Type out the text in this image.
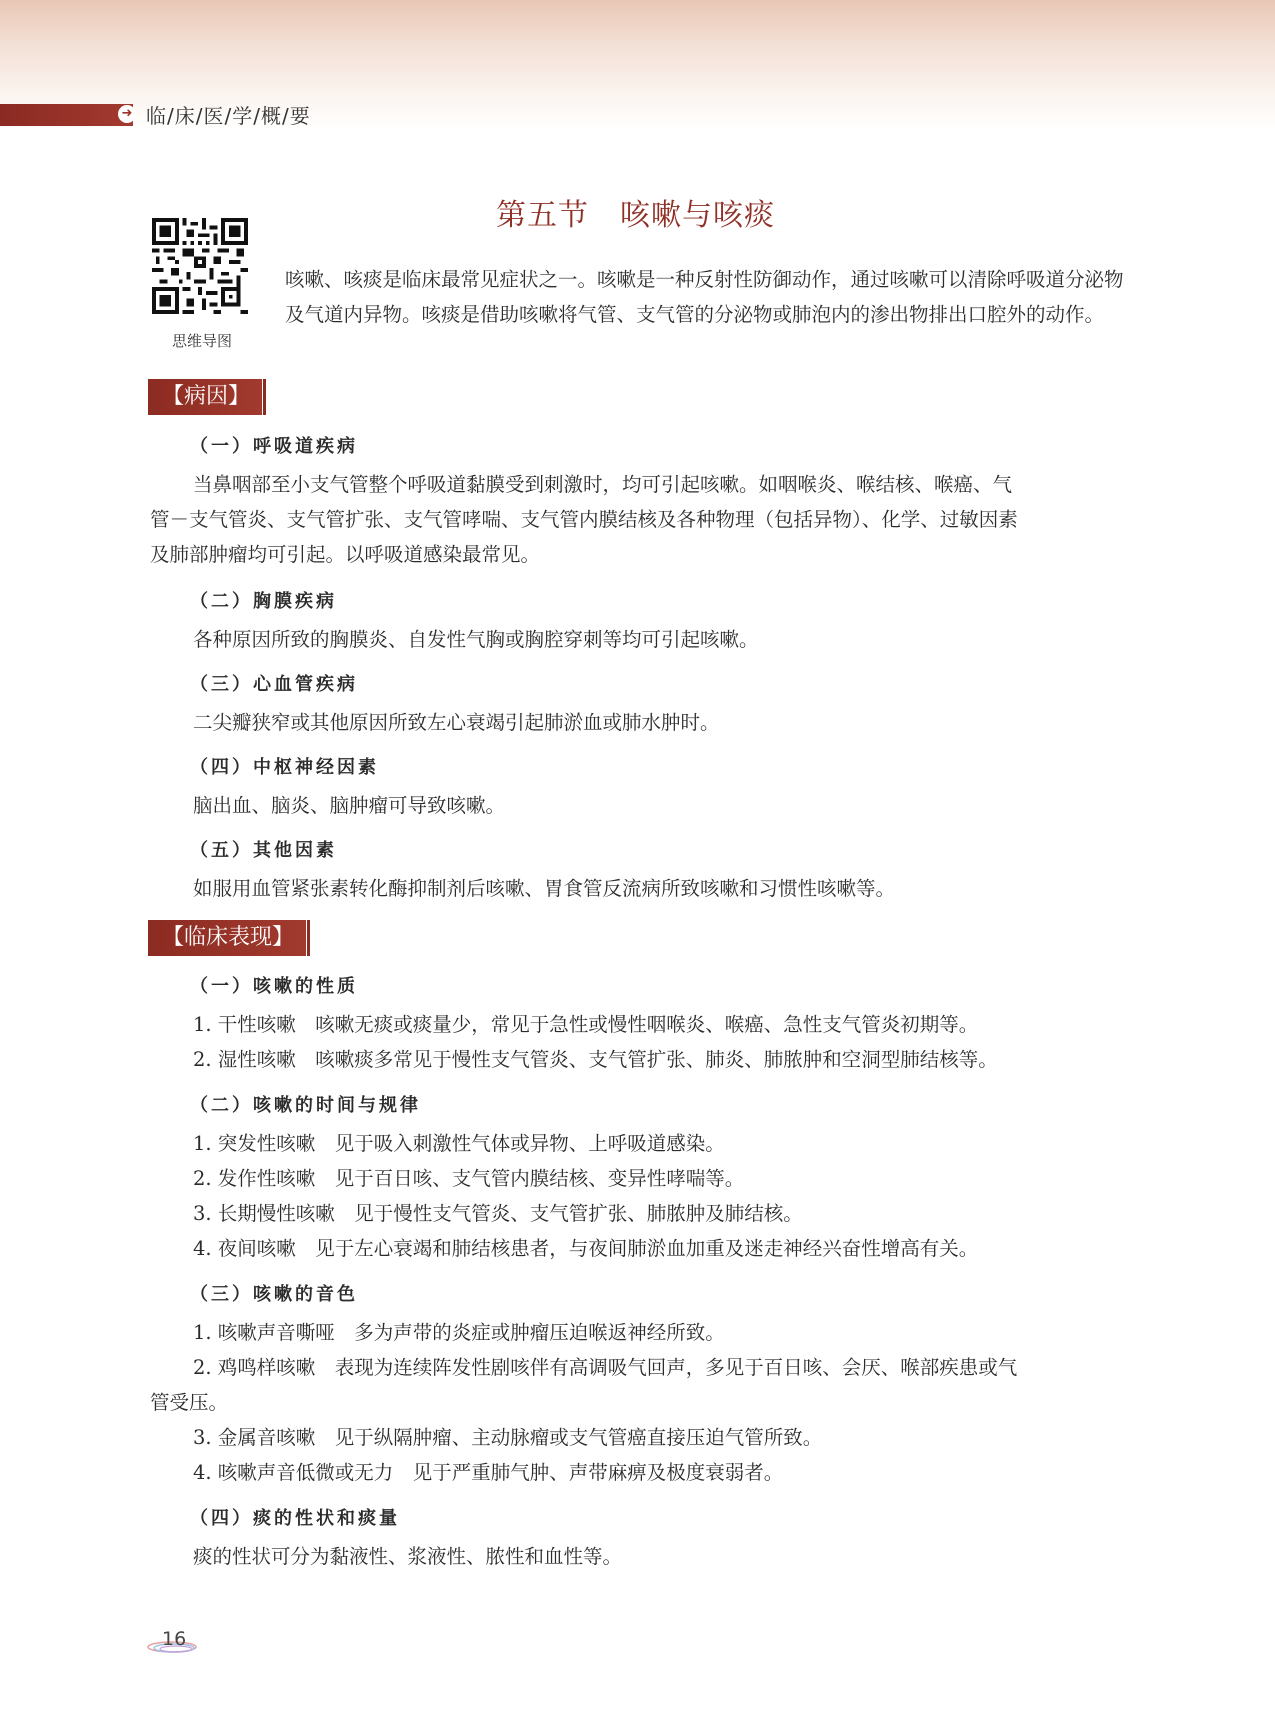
➜ 临/床/医/学/概/要
思维导图
第五节　咳嗽与咳痰
咳嗽、咳痰是临床最常见症状之一。咳嗽是一种反射性防御动作，通过咳嗽可以清除呼吸道分泌物及气道内异物。咳痰是借助咳嗽将气管、支气管的分泌物或肺泡内的渗出物排出口腔外的动作。
【病因】
（一）呼吸道疾病
当鼻咽部至小支气管整个呼吸道黏膜受到刺激时，均可引起咳嗽。如咽喉炎、喉结核、喉癌、气
管－支气管炎、支气管扩张、支气管哮喘、支气管内膜结核及各种物理（包括异物）、化学、过敏因素
及肺部肿瘤均可引起。以呼吸道感染最常见。
（二）胸膜疾病
各种原因所致的胸膜炎、自发性气胸或胸腔穿刺等均可引起咳嗽。
（三）心血管疾病
二尖瓣狭窄或其他原因所致左心衰竭引起肺淤血或肺水肿时。
（四）中枢神经因素
脑出血、脑炎、脑肿瘤可导致咳嗽。
（五）其他因素
如服用血管紧张素转化酶抑制剂后咳嗽、胃食管反流病所致咳嗽和习惯性咳嗽等。
【临床表现】
（一）咳嗽的性质
1. 干性咳嗽　咳嗽无痰或痰量少，常见于急性或慢性咽喉炎、喉癌、急性支气管炎初期等。
2. 湿性咳嗽　咳嗽痰多常见于慢性支气管炎、支气管扩张、肺炎、肺脓肿和空洞型肺结核等。
（二）咳嗽的时间与规律
1. 突发性咳嗽　见于吸入刺激性气体或异物、上呼吸道感染。
2. 发作性咳嗽　见于百日咳、支气管内膜结核、变异性哮喘等。
3. 长期慢性咳嗽　见于慢性支气管炎、支气管扩张、肺脓肿及肺结核。
4. 夜间咳嗽　见于左心衰竭和肺结核患者，与夜间肺淤血加重及迷走神经兴奋性增高有关。
（三）咳嗽的音色
1. 咳嗽声音嘶哑　多为声带的炎症或肿瘤压迫喉返神经所致。
2. 鸡鸣样咳嗽　表现为连续阵发性剧咳伴有高调吸气回声，多见于百日咳、会厌、喉部疾患或气
管受压。
3. 金属音咳嗽　见于纵隔肿瘤、主动脉瘤或支气管癌直接压迫气管所致。
4. 咳嗽声音低微或无力　见于严重肺气肿、声带麻痹及极度衰弱者。
（四）痰的性状和痰量
痰的性状可分为黏液性、浆液性、脓性和血性等。
16
